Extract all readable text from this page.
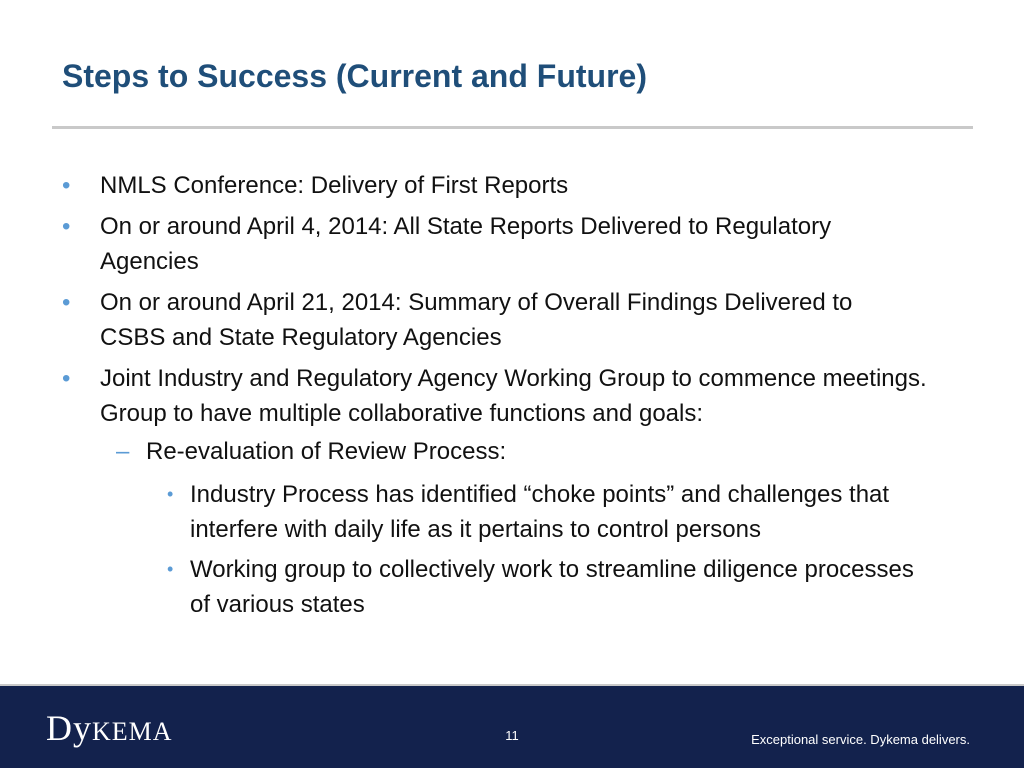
Steps to Success (Current and Future)
• NMLS Conference: Delivery of First Reports
• On or around April 4, 2014: All State Reports Delivered to Regulatory Agencies
• On or around April 21, 2014: Summary of Overall Findings Delivered to CSBS and State Regulatory Agencies
• Joint Industry and Regulatory Agency Working Group to commence meetings. Group to have multiple collaborative functions and goals:
– Re-evaluation of Review Process:
• Industry Process has identified “choke points” and challenges that interfere with daily life as it pertains to control persons
• Working group to collectively work to streamline diligence processes of various states
DyKEMA	11	Exceptional service. Dykema delivers.
